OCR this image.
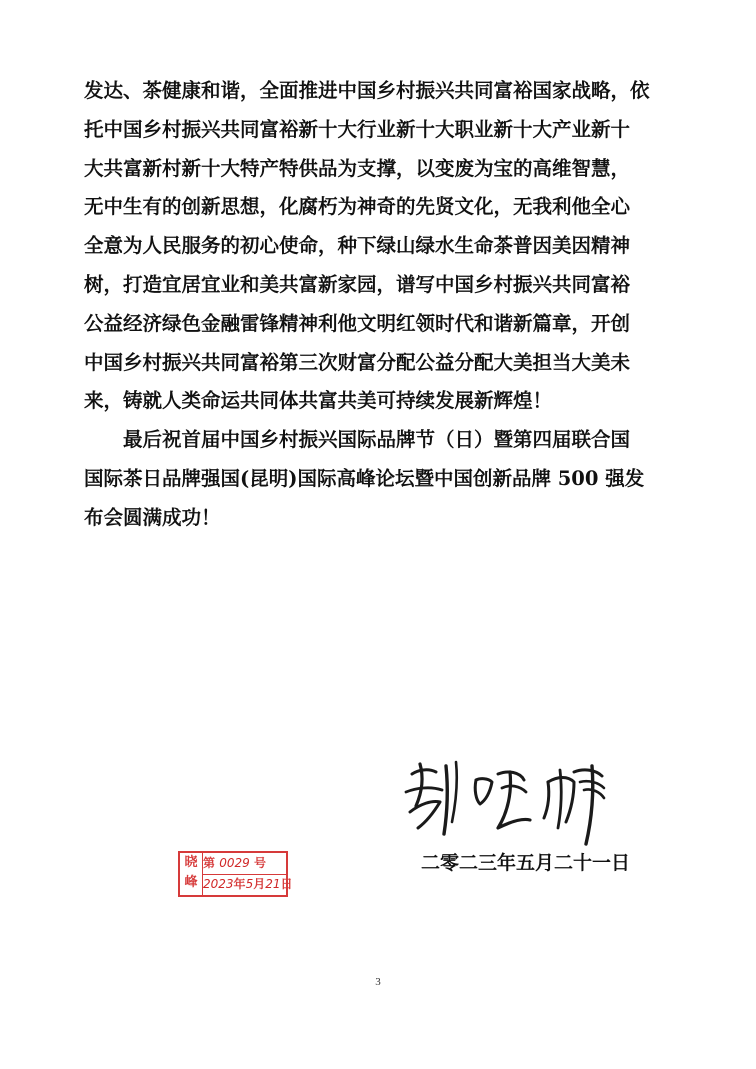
发达、茶健康和谐，全面推进中国乡村振兴共同富裕国家战略，依
托中国乡村振兴共同富裕新十大行业新十大职业新十大产业新十
大共富新村新十大特产特供品为支撑，以变废为宝的高维智慧，
无中生有的创新思想，化腐朽为神奇的先贤文化，无我利他全心
全意为人民服务的初心使命，种下绿山绿水生命茶普因美因精神
树，打造宜居宜业和美共富新家园，谱写中国乡村振兴共同富裕
公益经济绿色金融雷锋精神利他文明红领时代和谐新篇章，开创
中国乡村振兴共同富裕第三次财富分配公益分配大美担当大美未
来，铸就人类命运共同体共富共美可持续发展新辉煌！
最后祝首届中国乡村振兴国际品牌节（日）暨第四届联合国
国际茶日品牌强国(昆明)国际高峰论坛暨中国创新品牌 500 强发
布会圆满成功！
二零二三年五月二十一日
晓峰
第 0029 号
2023年5月21日
3
